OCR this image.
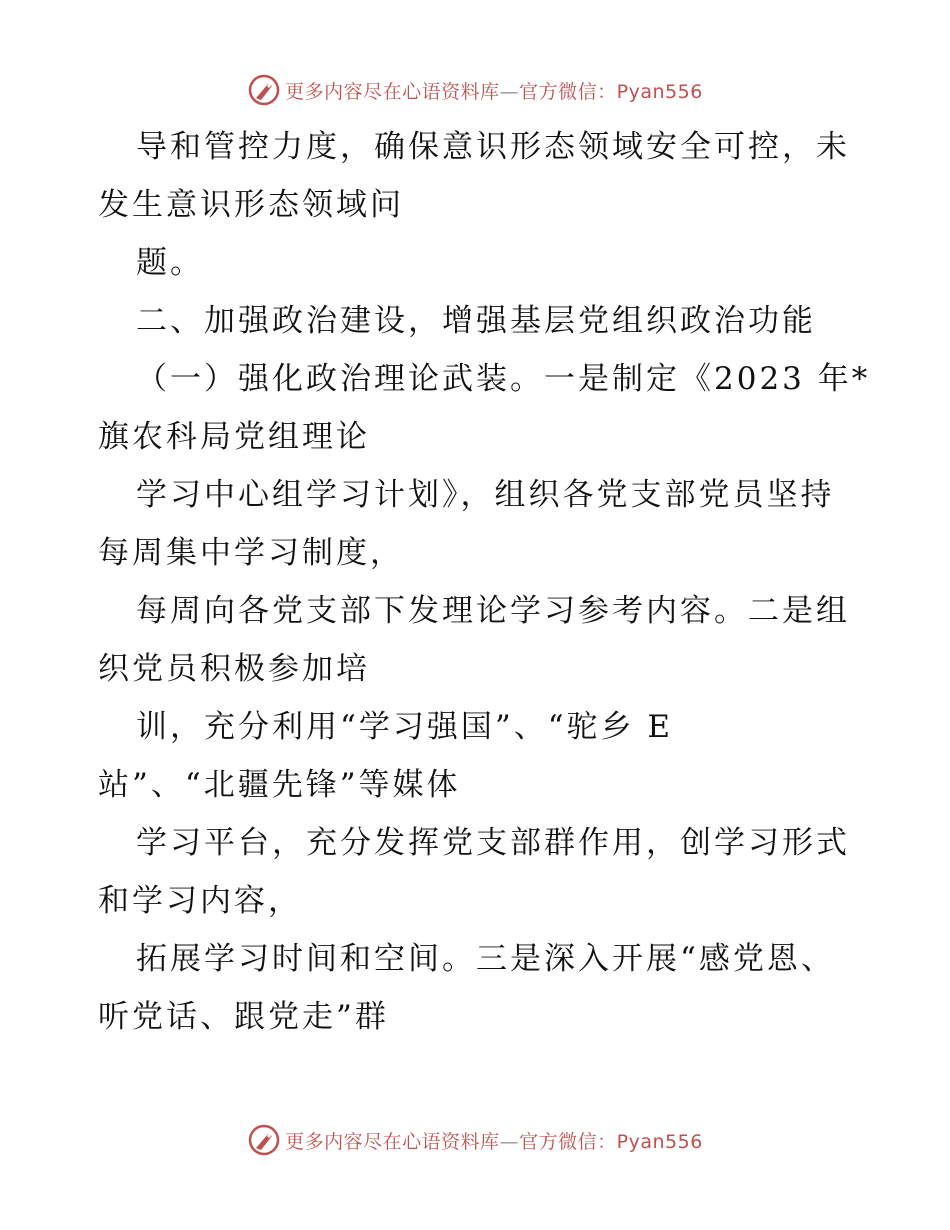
更多内容尽在心语资料库—官方微信：Pyan556
导和管控力度，确保意识形态领域安全可控，未
发生意识形态领域问
题。
二、加强政治建设，增强基层党组织政治功能
（一）强化政治理论武装。一是制定《2023 年*
旗农科局党组理论
学习中心组学习计划》，组织各党支部党员坚持
每周集中学习制度，
每周向各党支部下发理论学习参考内容。二是组
织党员积极参加培
训，充分利用“学习强国”、“驼乡 E
站”、“北疆先锋”等媒体
学习平台，充分发挥党支部群作用，创学习形式
和学习内容，
拓展学习时间和空间。三是深入开展“感党恩、
听党话、跟党走”群
更多内容尽在心语资料库—官方微信：Pyan556
